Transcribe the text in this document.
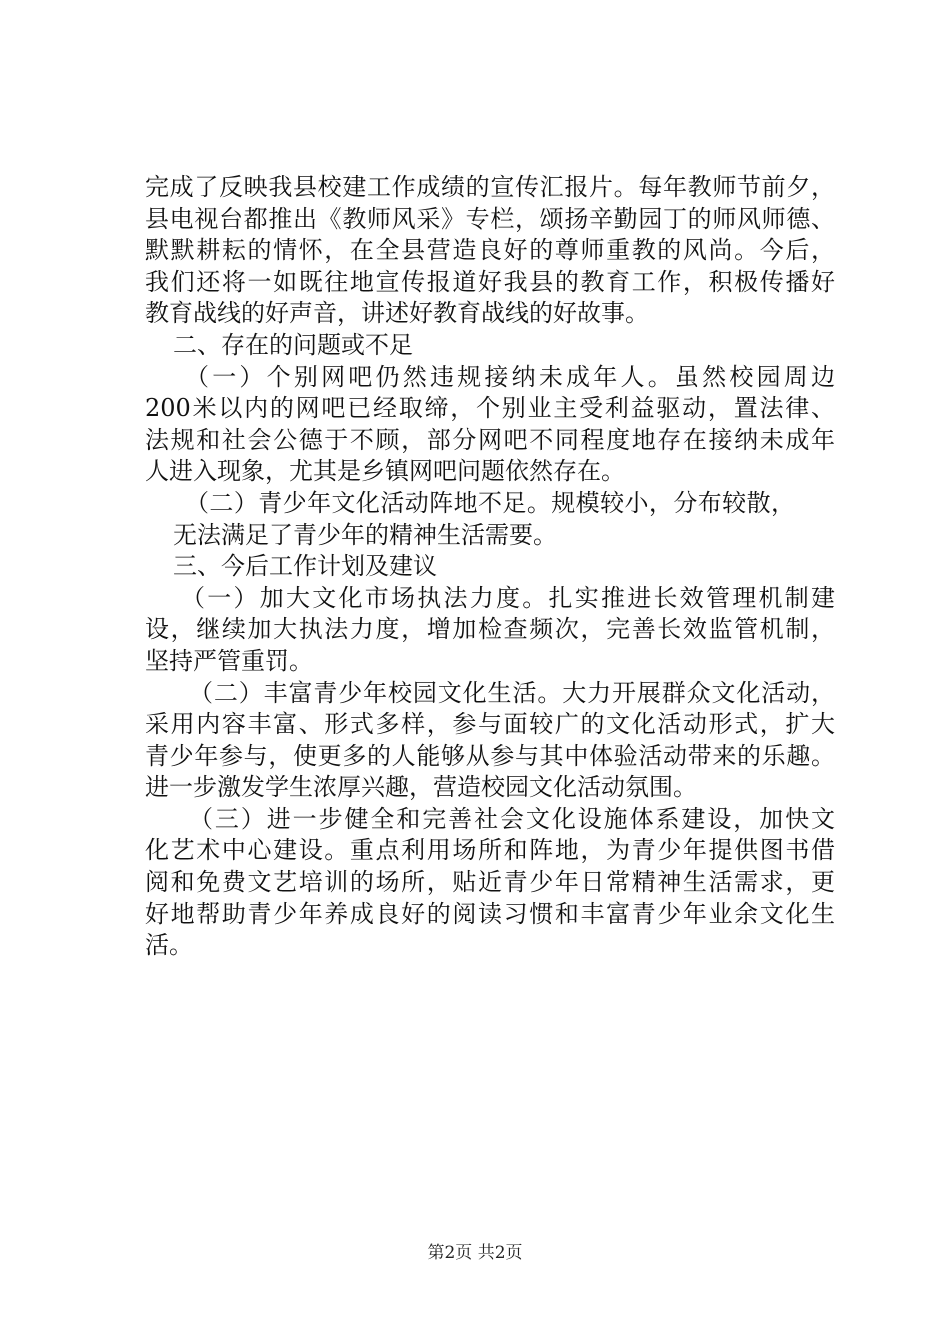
完成了反映我县校建工作成绩的宣传汇报片。每年教师节前夕，
县电视台都推出《教师风采》专栏，颂扬辛勤园丁的师风师德、
默默耕耘的情怀，在全县营造良好的尊师重教的风尚。今后，
我们还将一如既往地宣传报道好我县的教育工作，积极传播好
教育战线的好声音，讲述好教育战线的好故事。
二、存在的问题或不足
（一）个别网吧仍然违规接纳未成年人。虽然校园周边
200米以内的网吧已经取缔，个别业主受利益驱动，置法律、
法规和社会公德于不顾，部分网吧不同程度地存在接纳未成年
人进入现象，尤其是乡镇网吧问题依然存在。
（二）青少年文化活动阵地不足。规模较小，分布较散，
无法满足了青少年的精神生活需要。
三、今后工作计划及建议
（一）加大文化市场执法力度。扎实推进长效管理机制建
设，继续加大执法力度，增加检查频次，完善长效监管机制，
坚持严管重罚。
（二）丰富青少年校园文化生活。大力开展群众文化活动，
采用内容丰富、形式多样，参与面较广的文化活动形式，扩大
青少年参与，使更多的人能够从参与其中体验活动带来的乐趣。
进一步激发学生浓厚兴趣，营造校园文化活动氛围。
（三）进一步健全和完善社会文化设施体系建设，加快文
化艺术中心建设。重点利用场所和阵地，为青少年提供图书借
阅和免费文艺培训的场所，贴近青少年日常精神生活需求，更
好地帮助青少年养成良好的阅读习惯和丰富青少年业余文化生
活。
第2页 共2页
